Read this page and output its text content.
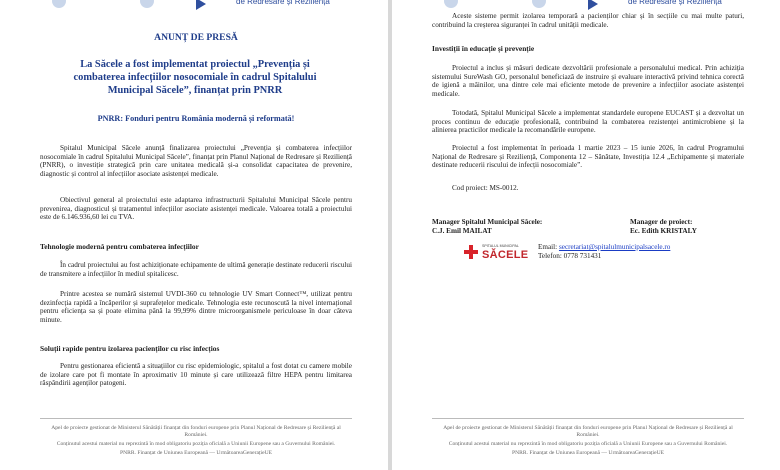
de Redresare și Reziliență
ANUNȚ DE PRESĂ
La Săcele a fost implementat proiectul „Prevenția și combaterea infecțiilor nosocomiale în cadrul Spitalului Municipal Săcele”, finanțat prin PNRR
PNRR: Fonduri pentru România modernă și reformată!
Spitalul Municipal Săcele anunță finalizarea proiectului „Prevenția și combaterea infecțiilor nosocomiale în cadrul Spitalului Municipal Săcele”, finanțat prin Planul Național de Redresare și Reziliență (PNRR), o investiție strategică prin care unitatea medicală și-a consolidat capacitatea de prevenire, diagnostic și control al infecțiilor asociate asistenței medicale.
Obiectivul general al proiectului este adaptarea infrastructurii Spitalului Municipal Săcele pentru prevenirea, diagnosticul și tratamentul infecțiilor asociate asistenței medicale. Valoarea totală a proiectului este de 6.146.936,60 lei cu TVA.
Tehnologie modernă pentru combaterea infecțiilor
În cadrul proiectului au fost achiziționate echipamente de ultimă generație destinate reducerii riscului de transmitere a infecțiilor în mediul spitalicesc.
Printre acestea se numără sistemul UVDI-360 cu tehnologie UV Smart Connect™, utilizat pentru dezinfecția rapidă a încăperilor și suprafețelor medicale. Tehnologia este recunoscută la nivel internațional pentru eficiența sa și poate elimina până la 99,99% dintre microorganismele periculoase în doar câteva minute.
Soluții rapide pentru izolarea pacienților cu risc infecțios
Pentru gestionarea eficientă a situațiilor cu risc epidemiologic, spitalul a fost dotat cu camere mobile de izolare care pot fi montate în aproximativ 10 minute și care utilizează filtre HEPA pentru limitarea răspândirii agenților patogeni.
Apel de proiecte gestionat de Ministerul Sănătății finanțat din fonduri europene prin Planul Național de Redresare și Reziliență al României.
Conținutul acestui material nu reprezintă în mod obligatoriu poziția oficială a Uniunii Europene sau a Guvernului României.
PNRR. Finanțat de Uniunea Europeană — UrmătoareaGenerațieUE
de Redresare și Reziliență
Aceste sisteme permit izolarea temporară a pacienților chiar și în secțiile cu mai multe paturi, contribuind la creșterea siguranței în cadrul unității medicale.
Investiții în educație și prevenție
Proiectul a inclus și măsuri dedicate dezvoltării profesionale a personalului medical. Prin achiziția sistemului SureWash GO, personalul beneficiază de instruire și evaluare interactivă privind tehnica corectă de igienă a mâinilor, una dintre cele mai eficiente metode de prevenire a infecțiilor asociate asistenței medicale.
Totodată, Spitalul Municipal Săcele a implementat standardele europene EUCAST și a dezvoltat un proces continuu de educație profesională, contribuind la combaterea rezistenței antimicrobiene și la alinierea practicilor medicale la recomandările europene.
Proiectul a fost implementat în perioada 1 martie 2023 – 15 iunie 2026, în cadrul Programului Național de Redresare și Reziliență, Componenta 12 – Sănătate, Investiția 12.4 „Echipamente și materiale destinate reducerii riscului de infecții nosocomiale”.
Cod proiect: MS-0012.
Manager Spitalul Municipal Săcele:
C.J. Emil MAILAT
Manager de proiect:
Ec. Edith KRISTALY
SPITALUL MUNICIPAL
SĂCELE
Email: secretariat@spitalulmunicipalsacele.ro
Telefon: 0778 731431
Apel de proiecte gestionat de Ministerul Sănătății finanțat din fonduri europene prin Planul Național de Redresare și Reziliență al României.
Conținutul acestui material nu reprezintă în mod obligatoriu poziția oficială a Uniunii Europene sau a Guvernului României.
PNRR. Finanțat de Uniunea Europeană — UrmătoareaGenerațieUE
